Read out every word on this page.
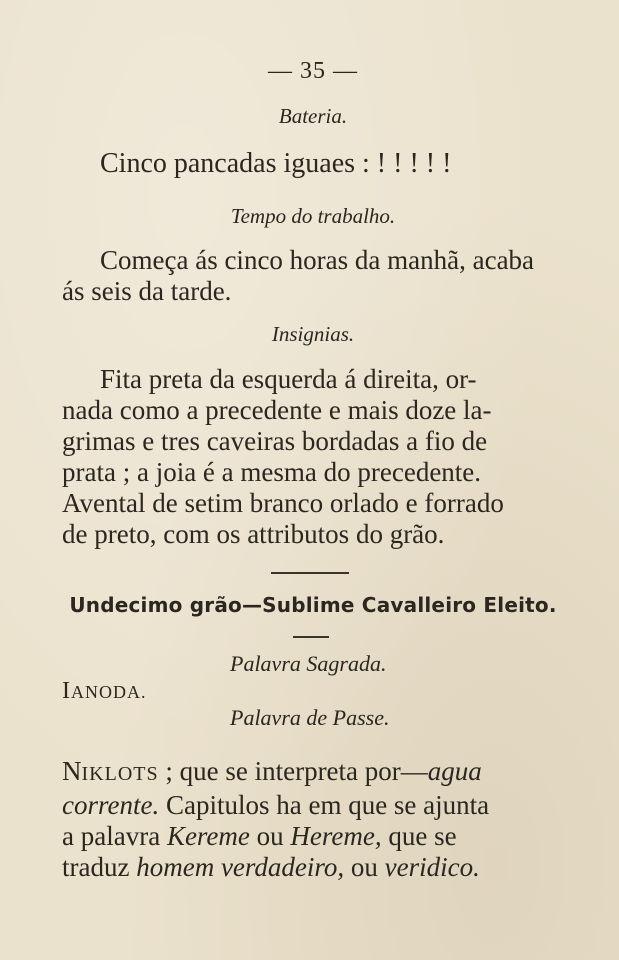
— 35 —
Bateria.
Cinco pancadas iguaes : ! ! ! ! !
Tempo do trabalho.
Começa ás cinco horas da manhã, acaba
ás seis da tarde.
Insignias.
Fita preta da esquerda á direita, or-
nada como a precedente e mais doze la-
grimas e tres caveiras bordadas a fio de
prata ; a joia é a mesma do precedente.
Avental de setim branco orlado e forrado
de preto, com os attributos do grão.
Undecimo grão—Sublime Cavalleiro Eleito.
Palavra Sagrada.
IANODA.
Palavra de Passe.
NIKLOTS ; que se interpreta por—agua
corrente. Capitulos ha em que se ajunta
a palavra Kereme ou Hereme, que se
traduz homem verdadeiro, ou veridico.
